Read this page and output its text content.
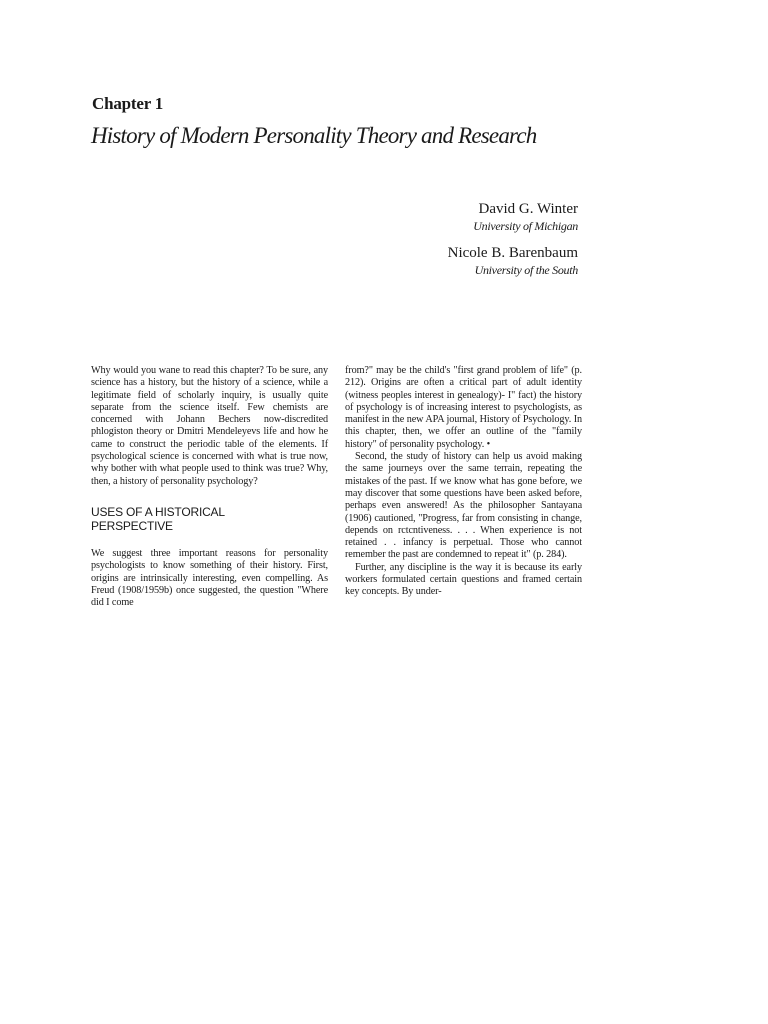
Chapter 1
History of Modern Personality Theory and Research
David G. Winter
University of Michigan
Nicole B. Barenbaum
University of the South

Why would you wane to read this chapter? To be sure, any science has a history, but the history of a science, while a legitimate field of scholarly inquiry, is usually quite separate from the science itself. Few chemists are concerned with Johann Bechers now-discredited phlogiston theory or Dmitri Mendeleyevs life and how he came to construct the periodic table of the elements. If psychological science is concerned with what is true now, why bother with what people used to think was true? Why, then, a history of personality psychology?

USES OF A HISTORICAL PERSPECTIVE

We suggest three important reasons for personality psychologists to know something of their history. First, origins are intrinsically interesting, even compelling. As Freud (1908/1959b) once suggested, the question "Where did I come

from?" may be the child's "first grand problem of life" (p. 212). Origins are often a critical part of adult identity (witness peoples interest in genealogy)- I" fact) the history of psychology is of increasing interest to psychologists, as manifest in the new APA journal, History of Psychology. In this chapter, then, we offer an outline of the "family history" of personality psychology. •

Second, the study of history can help us avoid making the same journeys over the same terrain, repeating the mistakes of the past. If we know what has gone before, we may discover that some questions have been asked before, perhaps even answered! As the philosopher Santayana (1906) cautioned, "Progress, far from consisting in change, depends on rctcntiveness. . . . When experience is not retained . . infancy is perpetual. Those who cannot remember the past are condemned to repeat it" (p. 284).

Further, any discipline is the way it is because its early workers formulated certain questions and framed certain key concepts. By under-
